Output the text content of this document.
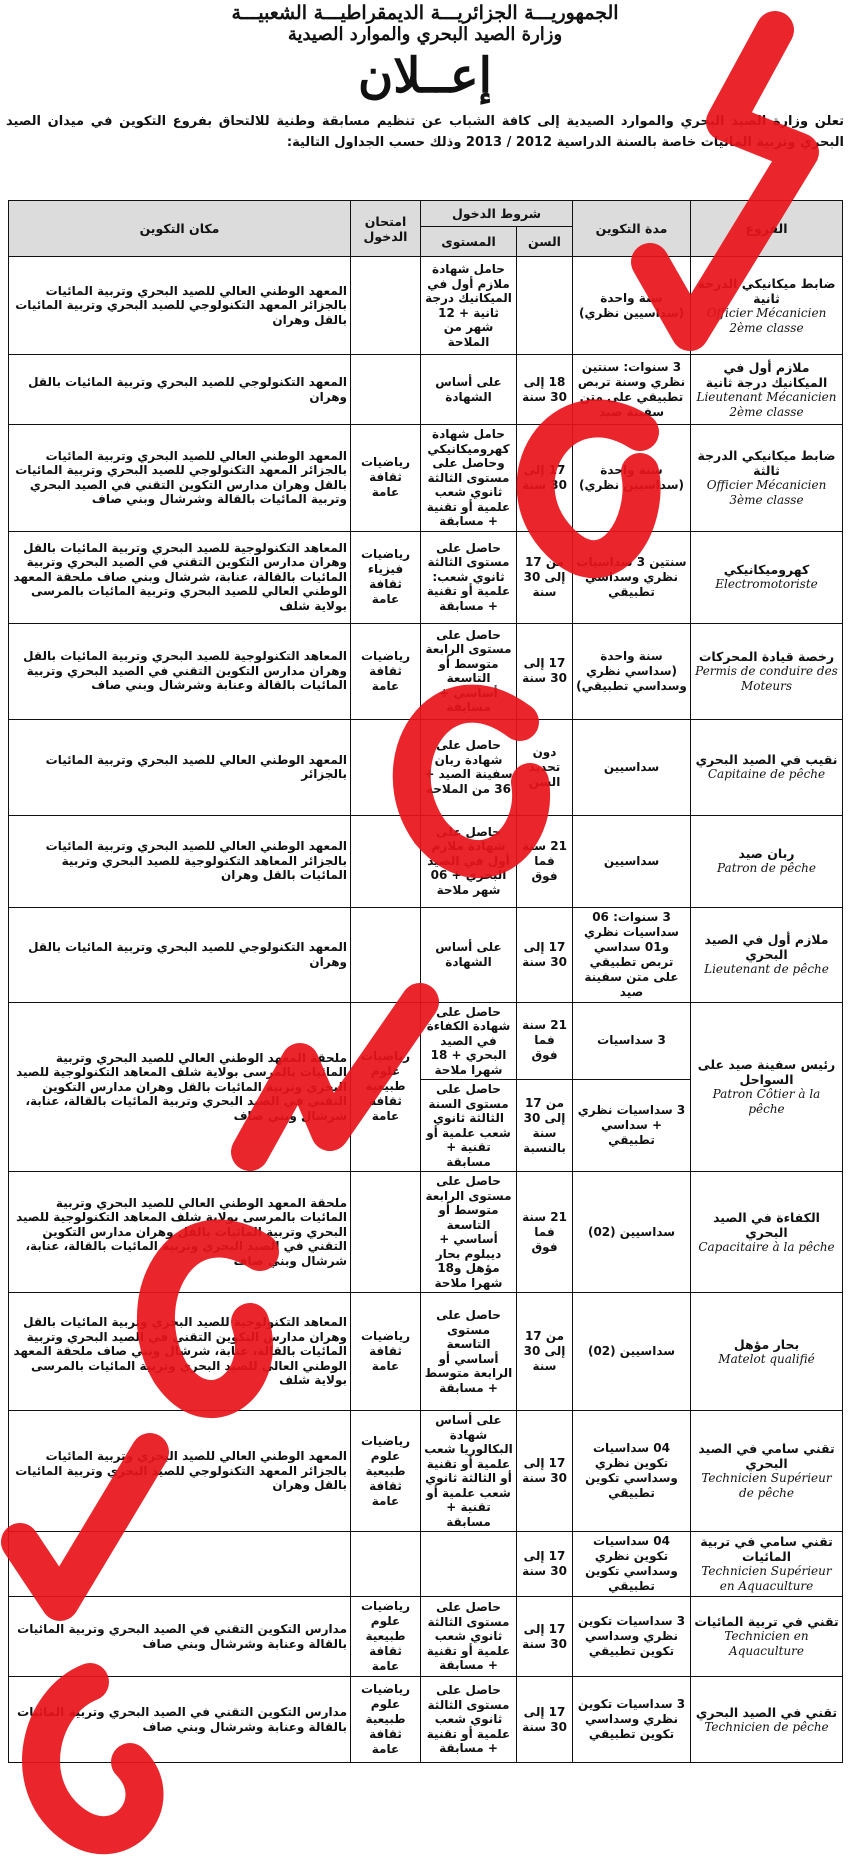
الجمهوريـــة الجزائريـــة الديمقراطيـــة الشعبيـــة
وزارة الصيد البحري والموارد الصيدية
إعــلان
تعلن وزارة الصيد البحري والموارد الصيدية إلى كافة الشباب عن تنظيم مسابقة وطنية للالتحاق بفروع التكوين في ميدان الصيد البحري وتربية المائيات خاصة بالسنة الدراسية 2012 / 2013 وذلك حسب الجداول التالية:
الفروع	مدة التكوين	شروط الدخول		امتحان الدخول	مكان التكوين
		السن	المستوى		

ضابط ميكانيكي الدرجة ثانية
Officier Mécanicien 2ème classe	سنة واحدة (سداسيين نظري)		حامل شهادة ملازم أول في الميكانيك درجة ثانية + 12 شهر من الملاحة		المعهد الوطني العالي للصيد البحري وتربية المائيات بالجزائر المعهد التكنولوجي للصيد البحري وتربية المائيات بالقل وهران

ملازم أول في الميكانيك درجة ثانية
Lieutenant Mécanicien 2ème classe	3 سنوات: سنتين نظري وسنة تربص تطبيقي على متن سفينة صيد	18 إلى 30 سنة	على أساس الشهادة		المعهد التكنولوجي للصيد البحري وتربية المائيات بالقل وهران

ضابط ميكانيكي الدرجة ثالثة
Officier Mécanicien 3ème classe	سنة واحدة (سداسيين نظري)	17 إلى 30 سنة	حامل شهادة كهروميكانيكي وحاصل على مستوى الثالثة ثانوي شعب علمية أو تقنية + مسابقة	رياضيات ثقافة عامة	المعهد الوطني العالي للصيد البحري وتربية المائيات بالجزائر المعهد التكنولوجي للصيد البحري وتربية المائيات بالقل وهران مدارس التكوين التقني في الصيد البحري وتربية المائيات بالقالة وشرشال وبني صاف

كهروميكانيكي
Electromotoriste	سنتين 3 سداسيات نظري وسداسي تطبيقي	من 17 إلى 30 سنة	حاصل على مستوى الثالثة ثانوي شعب: علمية أو تقنية + مسابقة	رياضيات فيزياء ثقافة عامة	المعاهد التكنولوجية للصيد البحري وتربية المائيات بالقل وهران مدارس التكوين التقني في الصيد البحري وتربية المائيات بالقالة، عنابة، شرشال وبني صاف ملحقة المعهد الوطني العالي للصيد البحري وتربية المائيات بالمرسى بولاية شلف

رخصة قيادة المحركات
Permis de conduire des Moteurs	سنة واحدة (سداسي نظري وسداسي تطبيقي)	17 إلى 30 سنة	حاصل على مستوى الرابعة متوسط أو التاسعة أساسي + مسابقة	رياضيات ثقافة عامة	المعاهد التكنولوجية للصيد البحري وتربية المائيات بالقل وهران مدارس التكوين التقني في الصيد البحري وتربية المائيات بالقالة وعنابة وشرشال وبني صاف

نقيب في الصيد البحري
Capitaine de pêche	سداسيين	دون تحديد السن	حاصل على شهادة ربان سفينة الصيد + 36 من الملاحة		المعهد الوطني العالي للصيد البحري وتربية المائيات بالجزائر

ربان صيد
Patron de pêche	سداسيين	21 سنة فما فوق	حاصل على شهادة ملازم أول في الصيد البحري + 06 شهر ملاحة		المعهد الوطني العالي للصيد البحري وتربية المائيات بالجزائر المعاهد التكنولوجية للصيد البحري وتربية المائيات بالقل وهران

ملازم أول في الصيد البحري
Lieutenant de pêche	3 سنوات: 06 سداسيات نظري و01 سداسي تربص تطبيقي على متن سفينة صيد	17 إلى 30 سنة	على أساس الشهادة		المعهد التكنولوجي للصيد البحري وتربية المائيات بالقل وهران

رئيس سفينة صيد على السواحل
Patron Côtier à la pêche	3 سداسيات	21 سنة فما فوق	حاصل على شهادة الكفاءة في الصيد البحري + 18 شهرا ملاحة	رياضيات علوم طبيعية ثقافة عامة	ملحقة المعهد الوطني العالي للصيد البحري وتربية المائيات بالمرسى بولاية شلف المعاهد التكنولوجية للصيد البحري وتربية المائيات بالقل وهران مدارس التكوين التقني في الصيد البحري وتربية المائيات بالقالة، عنابة، شرشال وبني صاف
	3 سداسيات نظري + سداسي تطبيقي	من 17 إلى 30 سنة بالنسبة	حاصل على مستوى السنة الثالثة ثانوي شعب علمية أو تقنية + مسابقة		

الكفاءة في الصيد البحري
Capacitaire à la pêche	سداسيين (02)	21 سنة فما فوق	حاصل على مستوى الرابعة متوسط أو التاسعة أساسي + ديبلوم بحار مؤهل و18 شهرا ملاحة		ملحقة المعهد الوطني العالي للصيد البحري وتربية المائيات بالمرسى بولاية شلف المعاهد التكنولوجية للصيد البحري وتربية المائيات بالقل وهران مدارس التكوين التقني في الصيد البحري وتربية المائيات بالقالة، عنابة، شرشال وبني صاف

بحار مؤهل
Matelot qualifié	سداسيين (02)	من 17 إلى 30 سنة	حاصل على مستوى التاسعة أساسي أو الرابعة متوسط + مسابقة	رياضيات ثقافة عامة	المعاهد التكنولوجية للصيد البحري وتربية المائيات بالقل وهران مدارس التكوين التقني في الصيد البحري وتربية المائيات بالقالة، عنابة، شرشال وبني صاف ملحقة المعهد الوطني العالي للصيد البحري وتربية المائيات بالمرسى بولاية شلف

تقني سامي في الصيد البحري
Technicien Supérieur de pêche	04 سداسيات تكوين نظري وسداسي تكوين تطبيقي	17 إلى 30 سنة	على أساس شهادة البكالوريا شعب علمية أو تقنية أو الثالثة ثانوي شعب علمية أو تقنية + مسابقة	رياضيات علوم طبيعية ثقافة عامة	المعهد الوطني العالي للصيد البحري وتربية المائيات بالجزائر المعهد التكنولوجي للصيد البحري وتربية المائيات بالقل وهران

تقني سامي في تربية المائيات
Technicien Supérieur en Aquaculture	04 سداسيات تكوين نظري وسداسي تكوين تطبيقي	17 إلى 30 سنة			

تقني في تربية المائيات
Technicien en Aquaculture	3 سداسيات تكوين نظري وسداسي تكوين تطبيقي	17 إلى 30 سنة	حاصل على مستوى الثالثة ثانوي شعب علمية أو تقنية + مسابقة	رياضيات علوم طبيعية ثقافة عامة	مدارس التكوين التقني في الصيد البحري وتربية المائيات بالقالة وعنابة وشرشال وبني صاف

تقني في الصيد البحري
Technicien de pêche	3 سداسيات تكوين نظري وسداسي تكوين تطبيقي	17 إلى 30 سنة	حاصل على مستوى الثالثة ثانوي شعب علمية أو تقنية + مسابقة	رياضيات علوم طبيعية ثقافة عامة	مدارس التكوين التقني في الصيد البحري وتربية المائيات بالقالة وعنابة وشرشال وبني صاف
